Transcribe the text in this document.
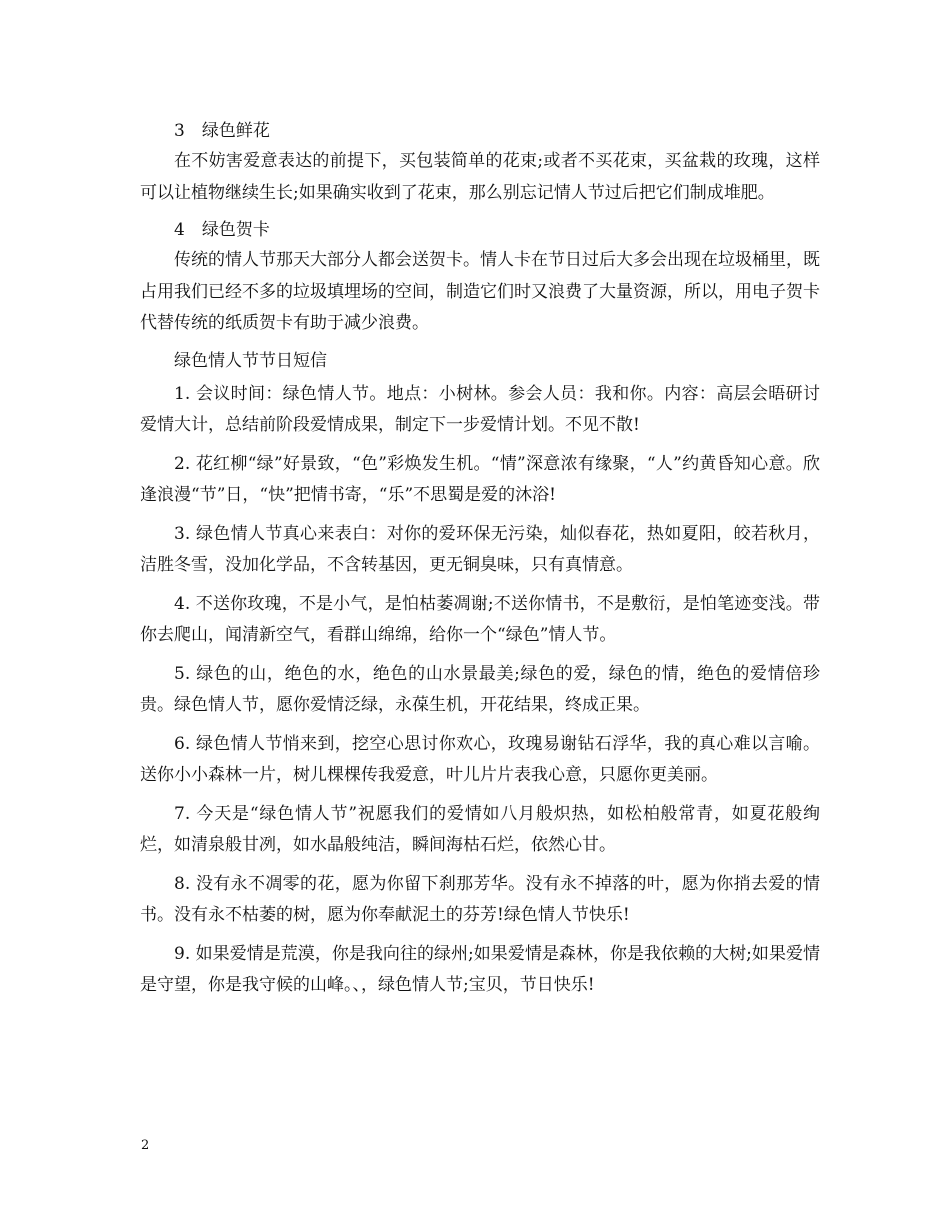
3　绿色鲜花

在不妨害爱意表达的前提下，买包装简单的花束;或者不买花束，买盆栽的玫瑰，这样可以让植物继续生长;如果确实收到了花束，那么别忘记情人节过后把它们制成堆肥。

4　绿色贺卡

传统的情人节那天大部分人都会送贺卡。情人卡在节日过后大多会出现在垃圾桶里，既占用我们已经不多的垃圾填埋场的空间，制造它们时又浪费了大量资源，所以，用电子贺卡代替传统的纸质贺卡有助于减少浪费。

绿色情人节节日短信

1. 会议时间：绿色情人节。地点：小树林。参会人员：我和你。内容：高层会晤研讨爱情大计，总结前阶段爱情成果，制定下一步爱情计划。不见不散!

2. 花红柳“绿”好景致，“色”彩焕发生机。“情”深意浓有缘聚，“人”约黄昏知心意。欣逢浪漫“节”日，“快”把情书寄，“乐”不思蜀是爱的沐浴!

3. 绿色情人节真心来表白：对你的爱环保无污染，灿似春花，热如夏阳，皎若秋月，洁胜冬雪，没加化学品，不含转基因，更无铜臭味，只有真情意。

4. 不送你玫瑰，不是小气，是怕枯萎凋谢;不送你情书，不是敷衍，是怕笔迹变浅。带你去爬山，闻清新空气，看群山绵绵，给你一个“绿色”情人节。

5. 绿色的山，绝色的水，绝色的山水景最美;绿色的爱，绿色的情，绝色的爱情倍珍贵。绿色情人节，愿你爱情泛绿，永葆生机，开花结果，终成正果。

6. 绿色情人节悄来到，挖空心思讨你欢心，玫瑰易谢钻石浮华，我的真心难以言喻。送你小小森林一片，树儿棵棵传我爱意，叶儿片片表我心意，只愿你更美丽。

7. 今天是“绿色情人节”祝愿我们的爱情如八月般炽热，如松柏般常青，如夏花般绚烂，如清泉般甘冽，如水晶般纯洁，瞬间海枯石烂，依然心甘。

8. 没有永不凋零的花，愿为你留下刹那芳华。没有永不掉落的叶，愿为你捎去爱的情书。没有永不枯萎的树，愿为你奉献泥土的芬芳!绿色情人节快乐!

9. 如果爱情是荒漠，你是我向往的绿州;如果爱情是森林，你是我依赖的大树;如果爱情是守望，你是我守候的山峰。、，绿色情人节;宝贝，节日快乐!

2
